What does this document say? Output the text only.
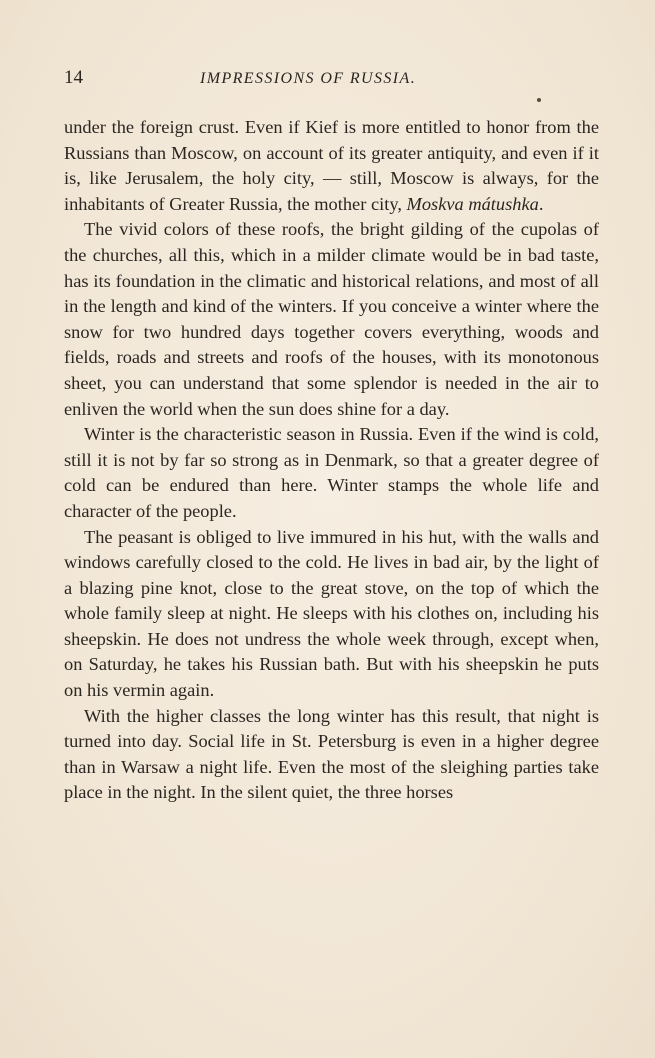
14	IMPRESSIONS OF RUSSIA.

under the foreign crust. Even if Kief is more entitled to honor from the Russians than Moscow, on account of its greater antiquity, and even if it is, like Jerusalem, the holy city, — still, Moscow is always, for the inhabitants of Greater Russia, the mother city, Moskva mátushka.

The vivid colors of these roofs, the bright gilding of the cupolas of the churches, all this, which in a milder climate would be in bad taste, has its foundation in the climatic and historical relations, and most of all in the length and kind of the winters. If you conceive a winter where the snow for two hundred days together covers everything, woods and fields, roads and streets and roofs of the houses, with its monotonous sheet, you can understand that some splendor is needed in the air to enliven the world when the sun does shine for a day.

Winter is the characteristic season in Russia. Even if the wind is cold, still it is not by far so strong as in Denmark, so that a greater degree of cold can be endured than here. Winter stamps the whole life and character of the people.

The peasant is obliged to live immured in his hut, with the walls and windows carefully closed to the cold. He lives in bad air, by the light of a blazing pine knot, close to the great stove, on the top of which the whole family sleep at night. He sleeps with his clothes on, including his sheepskin. He does not undress the whole week through, except when, on Saturday, he takes his Russian bath. But with his sheepskin he puts on his vermin again.

With the higher classes the long winter has this result, that night is turned into day. Social life in St. Petersburg is even in a higher degree than in Warsaw a night life. Even the most of the sleighing parties take place in the night. In the silent quiet, the three horses
